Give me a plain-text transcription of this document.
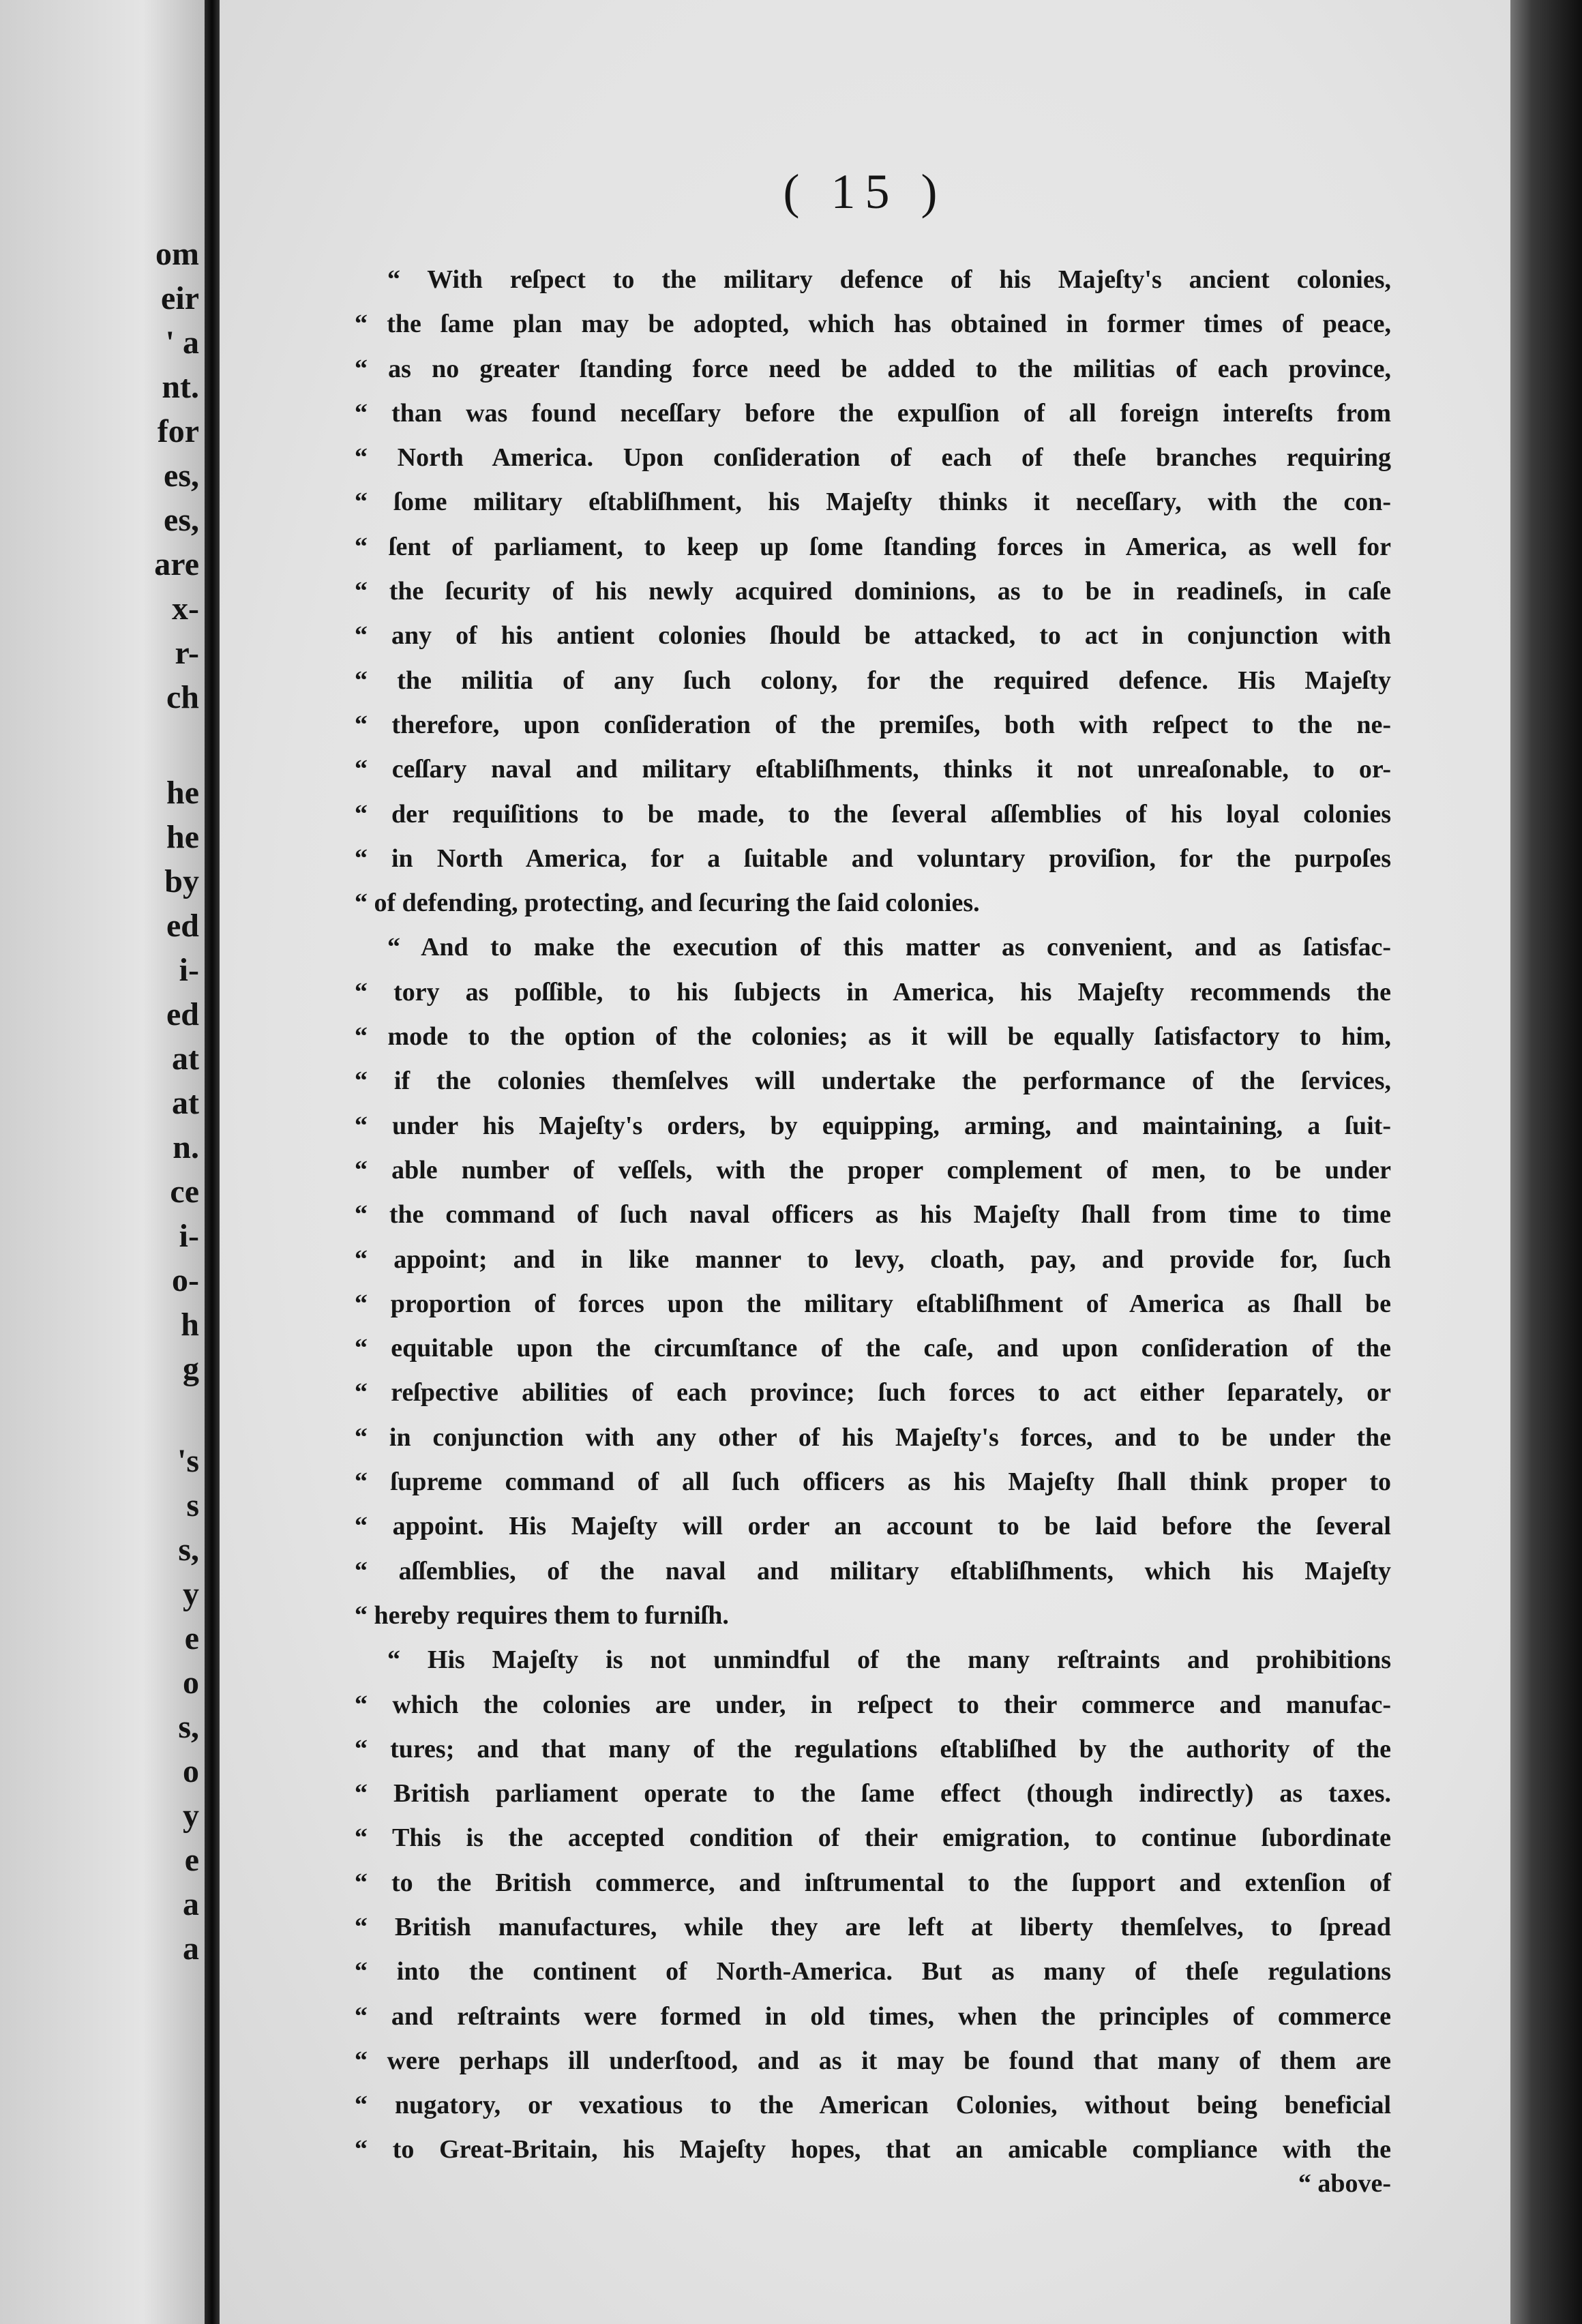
om

eir

' a

nt.

for

es,

es,

are

x-

r-

ch

he

he

by

ed

i-

ed

at

at

n.

ce

i-

o-

h

g

's

s

s,

y

e

o

s,

o

y

e

a

a

( 15 )

“ With reſpect to the military defence of his Majeſty's ancient colonies,
“ the ſame plan may be adopted, which has obtained in former times of peace,
“ as no greater ſtanding force need be added to the militias of each province,
“ than was found neceſſary before the expulſion of all foreign intereſts from
“ North America. Upon conſideration of each of theſe branches requiring
“ ſome military eſtabliſhment, his Majeſty thinks it neceſſary, with the con-
“ ſent of parliament, to keep up ſome ſtanding forces in America, as well for
“ the ſecurity of his newly acquired dominions, as to be in readineſs, in caſe
“ any of his antient colonies ſhould be attacked, to act in conjunction with
“ the militia of any ſuch colony, for the required defence. His Majeſty
“ therefore, upon conſideration of the premiſes, both with reſpect to the ne-
“ ceſſary naval and military eſtabliſhments, thinks it not unreaſonable, to or-
“ der requiſitions to be made, to the ſeveral aſſemblies of his loyal colonies
“ in North America, for a ſuitable and voluntary proviſion, for the purpoſes
“ of defending, protecting, and ſecuring the ſaid colonies.
“ And to make the execution of this matter as convenient, and as ſatisfac-
“ tory as poſſible, to his ſubjects in America, his Majeſty recommends the
“ mode to the option of the colonies; as it will be equally ſatisfactory to him,
“ if the colonies themſelves will undertake the performance of the ſervices,
“ under his Majeſty's orders, by equipping, arming, and maintaining, a ſuit-
“ able number of veſſels, with the proper complement of men, to be under
“ the command of ſuch naval officers as his Majeſty ſhall from time to time
“ appoint; and in like manner to levy, cloath, pay, and provide for, ſuch
“ proportion of forces upon the military eſtabliſhment of America as ſhall be
“ equitable upon the circumſtance of the caſe, and upon conſideration of the
“ reſpective abilities of each province; ſuch forces to act either ſeparately, or
“ in conjunction with any other of his Majeſty's forces, and to be under the
“ ſupreme command of all ſuch officers as his Majeſty ſhall think proper to
“ appoint. His Majeſty will order an account to be laid before the ſeveral
“ aſſemblies, of the naval and military eſtabliſhments, which his Majeſty
“ hereby requires them to furniſh.
“ His Majeſty is not unmindful of the many reſtraints and prohibitions
“ which the colonies are under, in reſpect to their commerce and manufac-
“ tures; and that many of the regulations eſtabliſhed by the authority of the
“ British parliament operate to the ſame effect (though indirectly) as taxes.
“ This is the accepted condition of their emigration, to continue ſubordinate
“ to the British commerce, and inſtrumental to the ſupport and extenſion of
“ British manufactures, while they are left at liberty themſelves, to ſpread
“ into the continent of North-America. But as many of theſe regulations
“ and reſtraints were formed in old times, when the principles of commerce
“ were perhaps ill underſtood, and as it may be found that many of them are
“ nugatory, or vexatious to the American Colonies, without being beneficial
“ to Great-Britain, his Majeſty hopes, that an amicable compliance with the

“ above-
